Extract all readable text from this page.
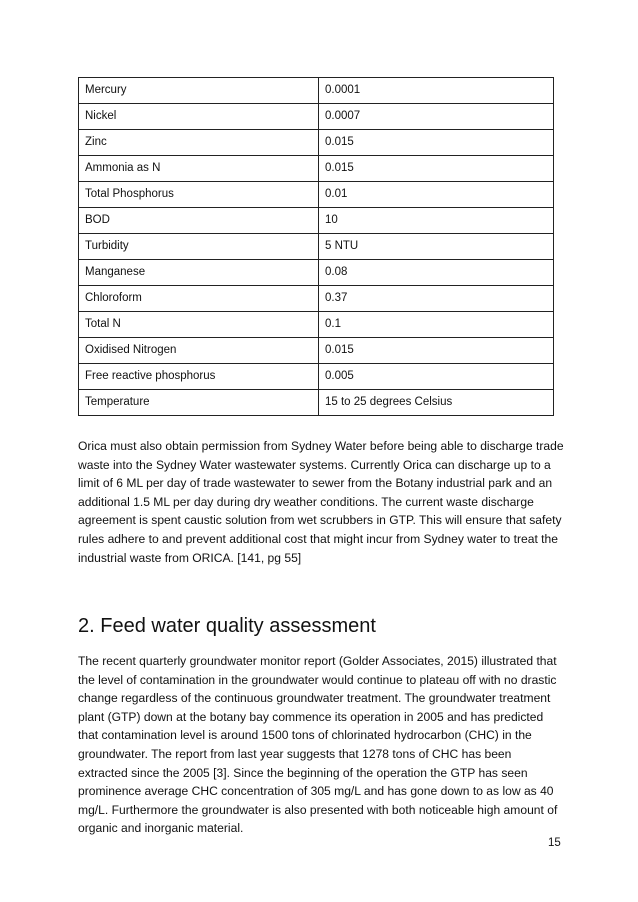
Mercury	0.0001
Nickel	0.0007
Zinc	0.015
Ammonia as N	0.015
Total Phosphorus	0.01
BOD	10
Turbidity	5 NTU
Manganese	0.08
Chloroform	0.37
Total N	0.1
Oxidised Nitrogen	0.015
Free reactive phosphorus	0.005
Temperature	15 to 25 degrees Celsius

Orica must also obtain permission from Sydney Water before being able to discharge trade waste into the Sydney Water wastewater systems. Currently Orica can discharge up to a limit of 6 ML per day of trade wastewater to sewer from the Botany industrial park and an additional 1.5 ML per day during dry weather conditions. The current waste discharge agreement is spent caustic solution from wet scrubbers in GTP. This will ensure that safety rules adhere to and prevent additional cost that might incur from Sydney water to treat the industrial waste from ORICA. [141, pg 55]

2. Feed water quality assessment

The recent quarterly groundwater monitor report (Golder Associates, 2015) illustrated that the level of contamination in the groundwater would continue to plateau off with no drastic change regardless of the continuous groundwater treatment. The groundwater treatment plant (GTP) down at the botany bay commence its operation in 2005 and has predicted that contamination level is around 1500 tons of chlorinated hydrocarbon (CHC) in the groundwater. The report from last year suggests that 1278 tons of CHC has been extracted since the 2005 [3]. Since the beginning of the operation the GTP has seen prominence average CHC concentration of 305 mg/L and has gone down to as low as 40 mg/L. Furthermore the groundwater is also presented with both noticeable high amount of organic and inorganic material.

15
